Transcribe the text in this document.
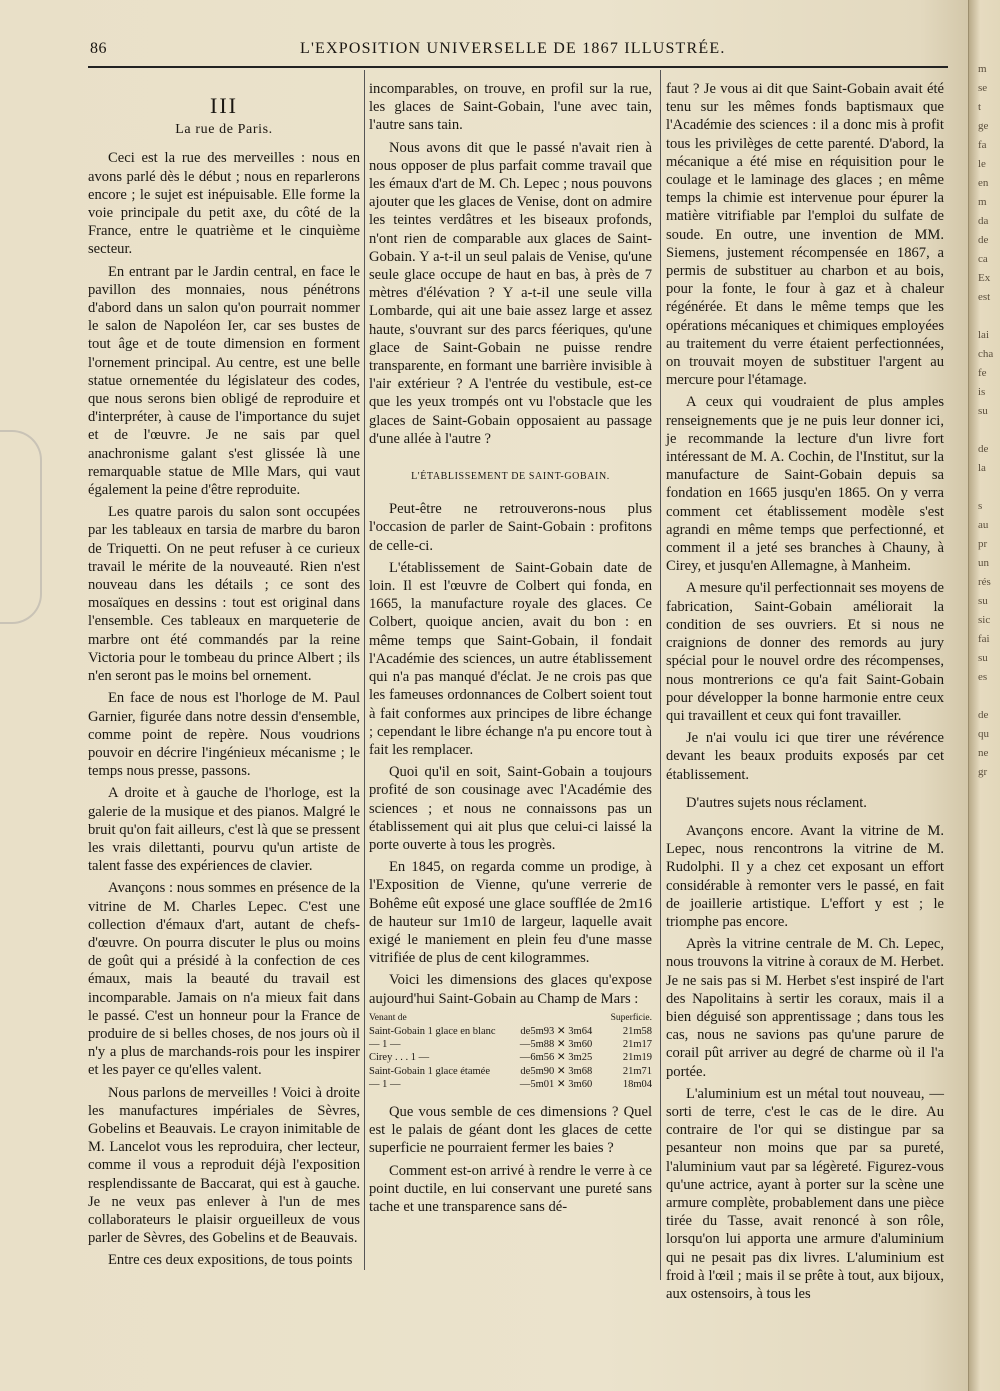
m
se
t
ge
fa
le
en
m
da
de
ca
Ex
est

lai
cha
fe
is
su

de
la

s
au
pr
un
rés
su
sic
fai
su
es

de
qu
ne
gr
86	L'EXPOSITION UNIVERSELLE DE 1867 ILLUSTRÉE.
III
La rue de Paris.

Ceci est la rue des merveilles : nous en avons parlé dès le début ; nous en reparlerons encore ; le sujet est inépuisable. Elle forme la voie principale du petit axe, du côté de la France, entre le quatrième et le cinquième secteur.

En entrant par le Jardin central, en face le pavillon des monnaies, nous pénétrons d'abord dans un salon qu'on pourrait nommer le salon de Napoléon Ier, car ses bustes de tout âge et de toute dimension en forment l'ornement principal. Au centre, est une belle statue ornementée du législateur des codes, que nous serons bien obligé de reproduire et d'interpréter, à cause de l'importance du sujet et de l'œuvre. Je ne sais par quel anachronisme galant s'est glissée là une remarquable statue de Mlle Mars, qui vaut également la peine d'être reproduite.

Les quatre parois du salon sont occupées par les tableaux en tarsia de marbre du baron de Triquetti. On ne peut refuser à ce curieux travail le mérite de la nouveauté. Rien n'est nouveau dans les détails ; ce sont des mosaïques en dessins : tout est original dans l'ensemble. Ces tableaux en marqueterie de marbre ont été commandés par la reine Victoria pour le tombeau du prince Albert ; ils n'en seront pas le moins bel ornement.

En face de nous est l'horloge de M. Paul Garnier, figurée dans notre dessin d'ensemble, comme point de repère. Nous voudrions pouvoir en décrire l'ingénieux mécanisme ; le temps nous presse, passons.

A droite et à gauche de l'horloge, est la galerie de la musique et des pianos. Malgré le bruit qu'on fait ailleurs, c'est là que se pressent les vrais dilettanti, pourvu qu'un artiste de talent fasse des expériences de clavier.

Avançons : nous sommes en présence de la vitrine de M. Charles Lepec. C'est une collection d'émaux d'art, autant de chefs-d'œuvre. On pourra discuter le plus ou moins de goût qui a présidé à la confection de ces émaux, mais la beauté du travail est incomparable. Jamais on n'a mieux fait dans le passé. C'est un honneur pour la France de produire de si belles choses, de nos jours où il n'y a plus de marchands-rois pour les inspirer et les payer ce qu'elles valent.

Nous parlons de merveilles ! Voici à droite les manufactures impériales de Sèvres, Gobelins et Beauvais. Le crayon inimitable de M. Lancelot vous les reproduira, cher lecteur, comme il vous a reproduit déjà l'exposition resplendissante de Baccarat, qui est à gauche. Je ne veux pas enlever à l'un de mes collaborateurs le plaisir orgueilleux de vous parler de Sèvres, des Gobelins et de Beauvais.

Entre ces deux expositions, de tous points

incomparables, on trouve, en profil sur la rue, les glaces de Saint-Gobain, l'une avec tain, l'autre sans tain.

Nous avons dit que le passé n'avait rien à nous opposer de plus parfait comme travail que les émaux d'art de M. Ch. Lepec ; nous pouvons ajouter que les glaces de Venise, dont on admire les teintes verdâtres et les biseaux profonds, n'ont rien de comparable aux glaces de Saint-Gobain. Y a-t-il un seul palais de Venise, qu'une seule glace occupe de haut en bas, à près de 7 mètres d'élévation ? Y a-t-il une seule villa Lombarde, qui ait une baie assez large et assez haute, s'ouvrant sur des parcs féeriques, qu'une glace de Saint-Gobain ne puisse rendre transparente, en formant une barrière invisible à l'air extérieur ? A l'entrée du vestibule, est-ce que les yeux trompés ont vu l'obstacle que les glaces de Saint-Gobain opposaient au passage d'une allée à l'autre ?

L'ÉTABLISSEMENT DE SAINT-GOBAIN.

Peut-être ne retrouverons-nous plus l'occasion de parler de Saint-Gobain : profitons de celle-ci.

L'établissement de Saint-Gobain date de loin. Il est l'œuvre de Colbert qui fonda, en 1665, la manufacture royale des glaces. Ce Colbert, quoique ancien, avait du bon : en même temps que Saint-Gobain, il fondait l'Académie des sciences, un autre établissement qui n'a pas manqué d'éclat. Je ne crois pas que les fameuses ordonnances de Colbert soient tout à fait conformes aux principes de libre échange ; cependant le libre échange n'a pu encore tout à fait les remplacer.

Quoi qu'il en soit, Saint-Gobain a toujours profité de son cousinage avec l'Académie des sciences ; et nous ne connaissons pas un établissement qui ait plus que celui-ci laissé la porte ouverte à tous les progrès.

En 1845, on regarda comme un prodige, à l'Exposition de Vienne, qu'une verrerie de Bohême eût exposé une glace soufflée de 2m16 de hauteur sur 1m10 de largeur, laquelle avait exigé le maniement en plein feu d'une masse vitrifiée de plus de cent kilogrammes.

Voici les dimensions des glaces qu'expose aujourd'hui Saint-Gobain au Champ de Mars :

Venant de			Superficie.
Saint-Gobain 1 glace en blanc	de	5m93 ✕ 3m64	21m58
— 1 —	—	5m88 ✕ 3m60	21m17
Cirey . . . 1 —	—	6m56 ✕ 3m25	21m19
Saint-Gobain 1 glace étamée	de	5m90 ✕ 3m68	21m71
— 1 —	—	5m01 ✕ 3m60	18m04

Que vous semble de ces dimensions ? Quel est le palais de géant dont les glaces de cette superficie ne pourraient fermer les baies ?

Comment est-on arrivé à rendre le verre à ce point ductile, en lui conservant une pureté sans tache et une transparence sans dé-

faut ? Je vous ai dit que Saint-Gobain avait été tenu sur les mêmes fonds baptismaux que l'Académie des sciences : il a donc mis à profit tous les privilèges de cette parenté. D'abord, la mécanique a été mise en réquisition pour le coulage et le laminage des glaces ; en même temps la chimie est intervenue pour épurer la matière vitrifiable par l'emploi du sulfate de soude. En outre, une invention de MM. Siemens, justement récompensée en 1867, a permis de substituer au charbon et au bois, pour la fonte, le four à gaz et à chaleur régénérée. Et dans le même temps que les opérations mécaniques et chimiques employées au traitement du verre étaient perfectionnées, on trouvait moyen de substituer l'argent au mercure pour l'étamage.

A ceux qui voudraient de plus amples renseignements que je ne puis leur donner ici, je recommande la lecture d'un livre fort intéressant de M. A. Cochin, de l'Institut, sur la manufacture de Saint-Gobain depuis sa fondation en 1665 jusqu'en 1865. On y verra comment cet établissement modèle s'est agrandi en même temps que perfectionné, et comment il a jeté ses branches à Chauny, à Cirey, et jusqu'en Allemagne, à Manheim.

A mesure qu'il perfectionnait ses moyens de fabrication, Saint-Gobain améliorait la condition de ses ouvriers. Et si nous ne craignions de donner des remords au jury spécial pour le nouvel ordre des récompenses, nous montrerions ce qu'a fait Saint-Gobain pour développer la bonne harmonie entre ceux qui travaillent et ceux qui font travailler.

Je n'ai voulu ici que tirer une révérence devant les beaux produits exposés par cet établissement.

D'autres sujets nous réclament.

Avançons encore. Avant la vitrine de M. Lepec, nous rencontrons la vitrine de M. Rudolphi. Il y a chez cet exposant un effort considérable à remonter vers le passé, en fait de joaillerie artistique. L'effort y est ; le triomphe pas encore.

Après la vitrine centrale de M. Ch. Lepec, nous trouvons la vitrine à coraux de M. Herbet. Je ne sais pas si M. Herbet s'est inspiré de l'art des Napolitains à sertir les coraux, mais il a bien déguisé son apprentissage ; dans tous les cas, nous ne savions pas qu'une parure de corail pût arriver au degré de charme où il l'a portée.

L'aluminium est un métal tout nouveau, — sorti de terre, c'est le cas de le dire. Au contraire de l'or qui se distingue par sa pesanteur non moins que par sa pureté, l'aluminium vaut par sa légèreté. Figurez-vous qu'une actrice, ayant à porter sur la scène une armure complète, probablement dans une pièce tirée du Tasse, avait renoncé à son rôle, lorsqu'on lui apporta une armure d'aluminium qui ne pesait pas dix livres. L'aluminium est froid à l'œil ; mais il se prête à tout, aux bijoux, aux ostensoirs, à tous les
